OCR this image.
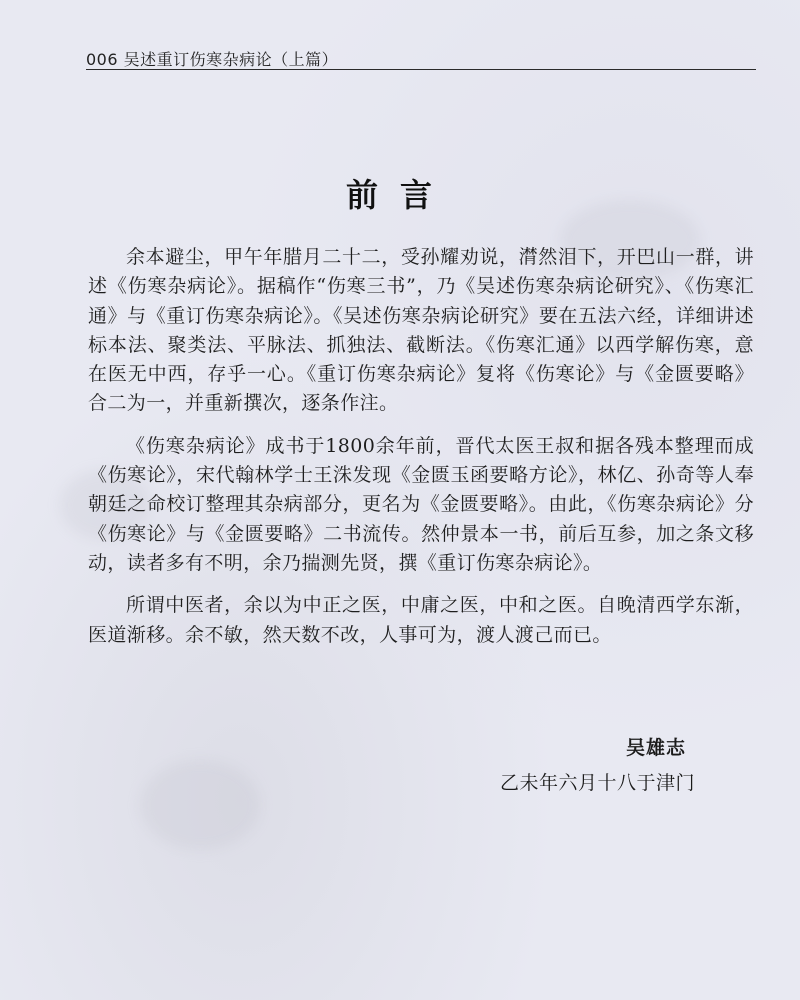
006 吴述重订伤寒杂病论（上篇）
前言

余本避尘，甲午年腊月二十二，受孙耀劝说，潸然泪下，开巴山一群，讲述《伤寒杂病论》。据稿作“伤寒三书”，乃《吴述伤寒杂病论研究》、《伤寒汇通》与《重订伤寒杂病论》。《吴述伤寒杂病论研究》要在五法六经，详细讲述标本法、聚类法、平脉法、抓独法、截断法。《伤寒汇通》以西学解伤寒，意在医无中西，存乎一心。《重订伤寒杂病论》复将《伤寒论》与《金匮要略》合二为一，并重新撰次，逐条作注。

《伤寒杂病论》成书于1800余年前，晋代太医王叔和据各残本整理而成《伤寒论》，宋代翰林学士王洙发现《金匮玉函要略方论》，林亿、孙奇等人奉朝廷之命校订整理其杂病部分，更名为《金匮要略》。由此，《伤寒杂病论》分《伤寒论》与《金匮要略》二书流传。然仲景本一书，前后互参，加之条文移动，读者多有不明，余乃揣测先贤，撰《重订伤寒杂病论》。

所谓中医者，余以为中正之医，中庸之医，中和之医。自晚清西学东渐，医道渐移。余不敏，然天数不改，人事可为，渡人渡己而已。

吴雄志
乙未年六月十八于津门
